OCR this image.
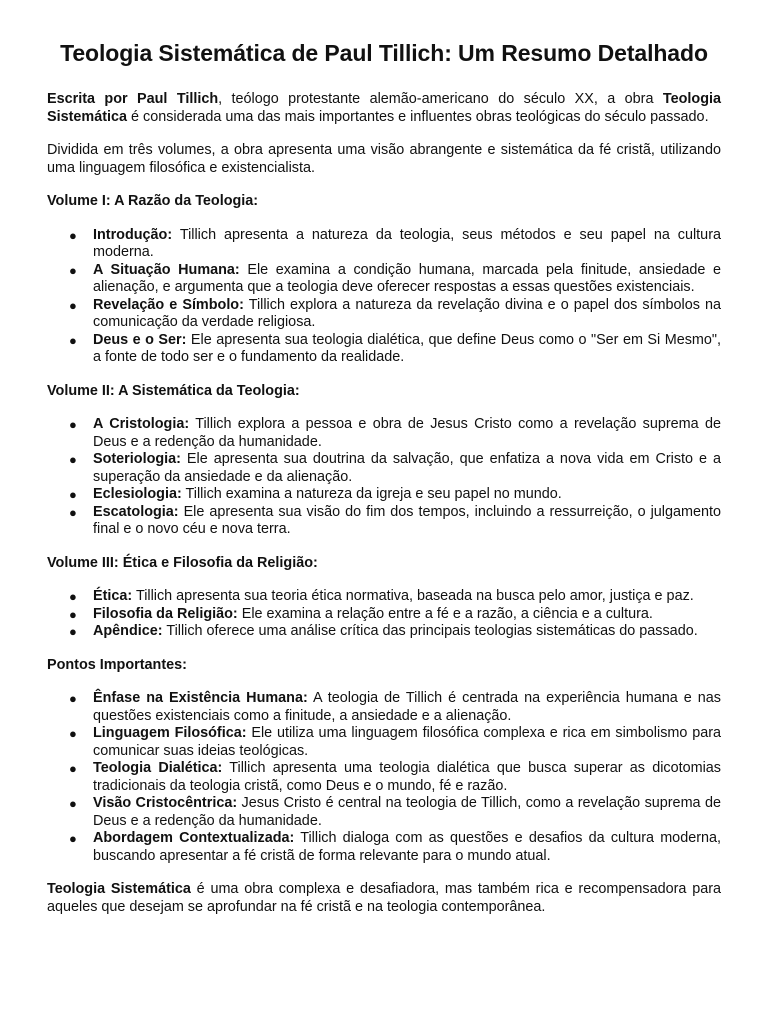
Teologia Sistemática de Paul Tillich: Um Resumo Detalhado

Escrita por Paul Tillich, teólogo protestante alemão-americano do século XX, a obra Teologia Sistemática é considerada uma das mais importantes e influentes obras teológicas do século passado.

Dividida em três volumes, a obra apresenta uma visão abrangente e sistemática da fé cristã, utilizando uma linguagem filosófica e existencialista.

Volume I: A Razão da Teologia:
● Introdução: Tillich apresenta a natureza da teologia, seus métodos e seu papel na cultura moderna.
● A Situação Humana: Ele examina a condição humana, marcada pela finitude, ansiedade e alienação, e argumenta que a teologia deve oferecer respostas a essas questões existenciais.
● Revelação e Símbolo: Tillich explora a natureza da revelação divina e o papel dos símbolos na comunicação da verdade religiosa.
● Deus e o Ser: Ele apresenta sua teologia dialética, que define Deus como o "Ser em Si Mesmo", a fonte de todo ser e o fundamento da realidade.
Volume II: A Sistemática da Teologia:
● A Cristologia: Tillich explora a pessoa e obra de Jesus Cristo como a revelação suprema de Deus e a redenção da humanidade.
● Soteriologia: Ele apresenta sua doutrina da salvação, que enfatiza a nova vida em Cristo e a superação da ansiedade e da alienação.
● Eclesiologia: Tillich examina a natureza da igreja e seu papel no mundo.
● Escatologia: Ele apresenta sua visão do fim dos tempos, incluindo a ressurreição, o julgamento final e o novo céu e nova terra.
Volume III: Ética e Filosofia da Religião:
● Ética: Tillich apresenta sua teoria ética normativa, baseada na busca pelo amor, justiça e paz.
● Filosofia da Religião: Ele examina a relação entre a fé e a razão, a ciência e a cultura.
● Apêndice: Tillich oferece uma análise crítica das principais teologias sistemáticas do passado.
Pontos Importantes:
● Ênfase na Existência Humana: A teologia de Tillich é centrada na experiência humana e nas questões existenciais como a finitude, a ansiedade e a alienação.
● Linguagem Filosófica: Ele utiliza uma linguagem filosófica complexa e rica em simbolismo para comunicar suas ideias teológicas.
● Teologia Dialética: Tillich apresenta uma teologia dialética que busca superar as dicotomias tradicionais da teologia cristã, como Deus e o mundo, fé e razão.
● Visão Cristocêntrica: Jesus Cristo é central na teologia de Tillich, como a revelação suprema de Deus e a redenção da humanidade.
● Abordagem Contextualizada: Tillich dialoga com as questões e desafios da cultura moderna, buscando apresentar a fé cristã de forma relevante para o mundo atual.

Teologia Sistemática é uma obra complexa e desafiadora, mas também rica e recompensadora para aqueles que desejam se aprofundar na fé cristã e na teologia contemporânea.
